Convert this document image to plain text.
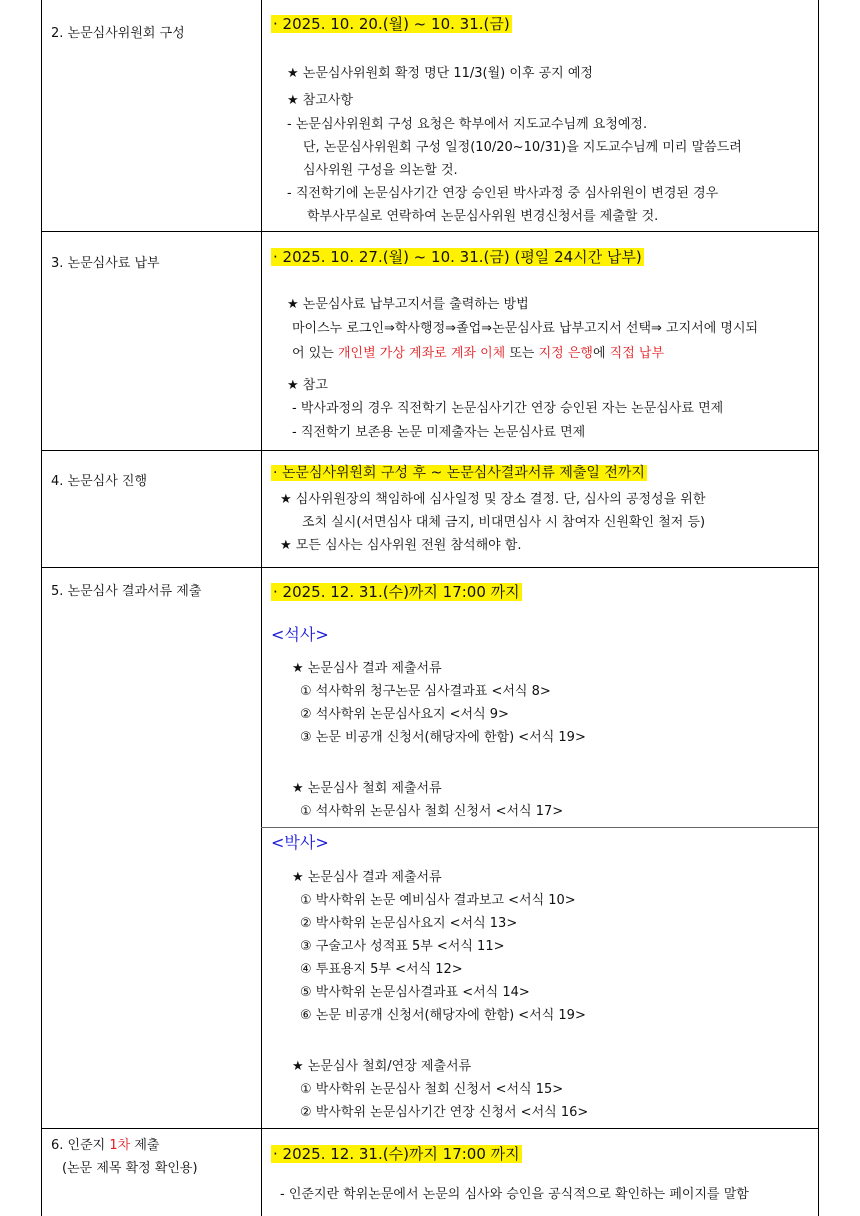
2. 논문심사위원회 구성
· 2025. 10. 20.(월) ~ 10. 31.(금)
★ 논문심사위원회 확정 명단 11/3(월) 이후 공지 예정
★ 참고사항
- 논문심사위원회 구성 요청은 학부에서 지도교수님께 요청예정.
단, 논문심사위원회 구성 일정(10/20~10/31)을 지도교수님께 미리 말씀드려
심사위원 구성을 의논할 것.
- 직전학기에 논문심사기간 연장 승인된 박사과정 중 심사위원이 변경된 경우
학부사무실로 연락하여 논문심사위원 변경신청서를 제출할 것.
3. 논문심사료 납부	· 2025. 10. 27.(월) ~ 10. 31.(금) (평일 24시간 납부)
★ 논문심사료 납부고지서를 출력하는 방법
마이스누 로그인⇒학사행정⇒졸업⇒논문심사료 납부고지서 선택⇒ 고지서에 명시되
어 있는 개인별 가상 계좌로 계좌 이체 또는 지정 은행에 직접 납부
★ 참고
- 박사과정의 경우 직전학기 논문심사기간 연장 승인된 자는 논문심사료 면제
- 직전학기 보존용 논문 미제출자는 논문심사료 면제
4. 논문심사 진행
· 논문심사위원회 구성 후 ~ 논문심사결과서류 제출일 전까지
★ 심사위원장의 책임하에 심사일정 및 장소 결정. 단, 심사의 공정성을 위한
조치 실시(서면심사 대체 금지, 비대면심사 시 참여자 신원확인 철저 등)
★ 모든 심사는 심사위원 전원 참석해야 함.
5. 논문심사 결과서류 제출	· 2025. 12. 31.(수)까지 17:00 까지
<석사>
★ 논문심사 결과 제출서류
① 석사학위 청구논문 심사결과표 <서식 8>
② 석사학위 논문심사요지 <서식 9>
③ 논문 비공개 신청서(해당자에 한함) <서식 19>
★ 논문심사 철회 제출서류
① 석사학위 논문심사 철회 신청서 <서식 17>
<박사>
★ 논문심사 결과 제출서류
① 박사학위 논문 예비심사 결과보고 <서식 10>
② 박사학위 논문심사요지 <서식 13>
③ 구술고사 성적표 5부 <서식 11>
④ 투표용지 5부 <서식 12>
⑤ 박사학위 논문심사결과표 <서식 14>
⑥ 논문 비공개 신청서(해당자에 한함) <서식 19>
★ 논문심사 철회/연장 제출서류
① 박사학위 논문심사 철회 신청서 <서식 15>
② 박사학위 논문심사기간 연장 신청서 <서식 16>
6. 인준지 1차 제출
(논문 제목 확정 확인용)
· 2025. 12. 31.(수)까지 17:00 까지
- 인준지란 학위논문에서 논문의 심사와 승인을 공식적으로 확인하는 페이지를 말함
